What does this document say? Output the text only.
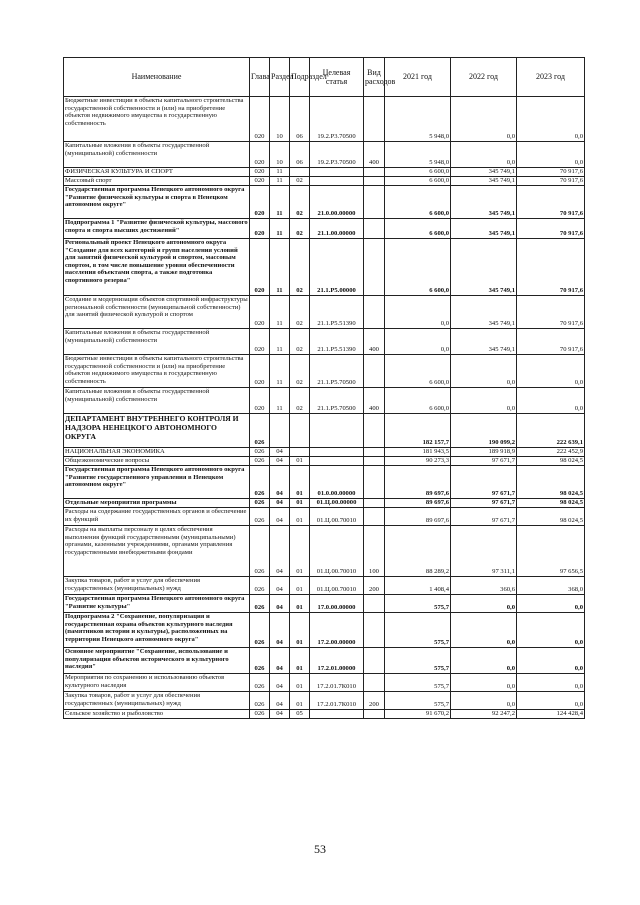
Наименование	Глава	Раздел	Подраздел	Целевая статья	Вид расходов	2021 год	2022 год	2023 год
Бюджетные инвестиции в объекты капитального строительства государственной собственности и (или) на приобретение объектов недвижимого имущества в государственную собственность	020	10	06	19.2.Р3.70500		5 948,0	0,0	0,0
Капитальные вложения в объекты государственной (муниципальной) собственности	020	10	06	19.2.Р3.70500	400	5 948,0	0,0	0,0
ФИЗИЧЕСКАЯ КУЛЬТУРА И СПОРТ	020	11				6 600,0	345 749,1	70 917,6
Массовый спорт	020	11	02			6 600,0	345 749,1	70 917,6
Государственная программа Ненецкого автономного округа "Развитие физической культуры и спорта в Ненецком автономном округе"	020	11	02	21.0.00.00000		6 600,0	345 749,1	70 917,6
Подпрограмма 1 "Развитие физической культуры, массового спорта и спорта высших достижений"	020	11	02	21.1.00.00000		6 600,0	345 749,1	70 917,6
Региональный проект Ненецкого автономного округа "Создание для всех категорий и групп населения условий для занятий физической культурой и спортом, массовым спортом, в том числе повышение уровня обеспеченности населения объектами спорта, а также подготовка спортивного резерва"	020	11	02	21.1.Р5.00000		6 600,0	345 749,1	70 917,6
Создание и модернизация объектов спортивной инфраструктуры региональной собственности (муниципальной собственности) для занятий физической культурой и спортом	020	11	02	21.1.Р5.51390		0,0	345 749,1	70 917,6
Капитальные вложения в объекты государственной (муниципальной) собственности	020	11	02	21.1.Р5.51390	400	0,0	345 749,1	70 917,6
Бюджетные инвестиции в объекты капитального строительства государственной собственности и (или) на приобретение объектов недвижимого имущества в государственную собственность	020	11	02	21.1.Р5.70500		6 600,0	0,0	0,0
Капитальные вложения в объекты государственной (муниципальной) собственности	020	11	02	21.1.Р5.70500	400	6 600,0	0,0	0,0
ДЕПАРТАМЕНТ ВНУТРЕННЕГО КОНТРОЛЯ И НАДЗОРА НЕНЕЦКОГО АВТОНОМНОГО ОКРУГА	026					182 157,7	190 099,2	222 639,1
НАЦИОНАЛЬНАЯ ЭКОНОМИКА	026	04				181 943,5	189 918,9	222 452,9
Общеэкономические вопросы	026	04	01			90 273,3	97 671,7	98 024,5
Государственная программа Ненецкого автономного округа "Развитие государственного управления в Ненецком автономном округе"	026	04	01	01.0.00.00000		89 697,6	97 671,7	98 024,5
Отдельные мероприятия программы	026	04	01	01.Ц.00.00000		89 697,6	97 671,7	98 024,5
Расходы на содержание государственных органов и обеспечение их функций	026	04	01	01.Ц.00.70010		89 697,6	97 671,7	98 024,5
Расходы на выплаты персоналу в целях обеспечения выполнения функций государственными (муниципальными) органами, казенными учреждениями, органами управления государственными внебюджетными фондами	026	04	01	01.Ц.00.70010	100	88 289,2	97 311,1	97 656,5
Закупка товаров, работ и услуг для обеспечения государственных (муниципальных) нужд	026	04	01	01.Ц.00.70010	200	1 408,4	360,6	368,0
Государственная программа Ненецкого автономного округа "Развитие культуры"	026	04	01	17.0.00.00000		575,7	0,0	0,0
Подпрограмма 2 "Сохранение, популяризация и государственная охрана объектов культурного наследия (памятников истории и культуры), расположенных на территории Ненецкого автономного округа"	026	04	01	17.2.00.00000		575,7	0,0	0,0
Основное мероприятие "Сохранение, использование и популяризация объектов исторического и культурного наследия"	026	04	01	17.2.01.00000		575,7	0,0	0,0
Мероприятия по сохранению и использованию объектов культурного наследия	026	04	01	17.2.01.7К010		575,7	0,0	0,0
Закупка товаров, работ и услуг для обеспечения государственных (муниципальных) нужд	026	04	01	17.2.01.7К010	200	575,7	0,0	0,0
Сельское хозяйство и рыболовство	026	04	05			91 670,2	92 247,2	124 428,4
53
